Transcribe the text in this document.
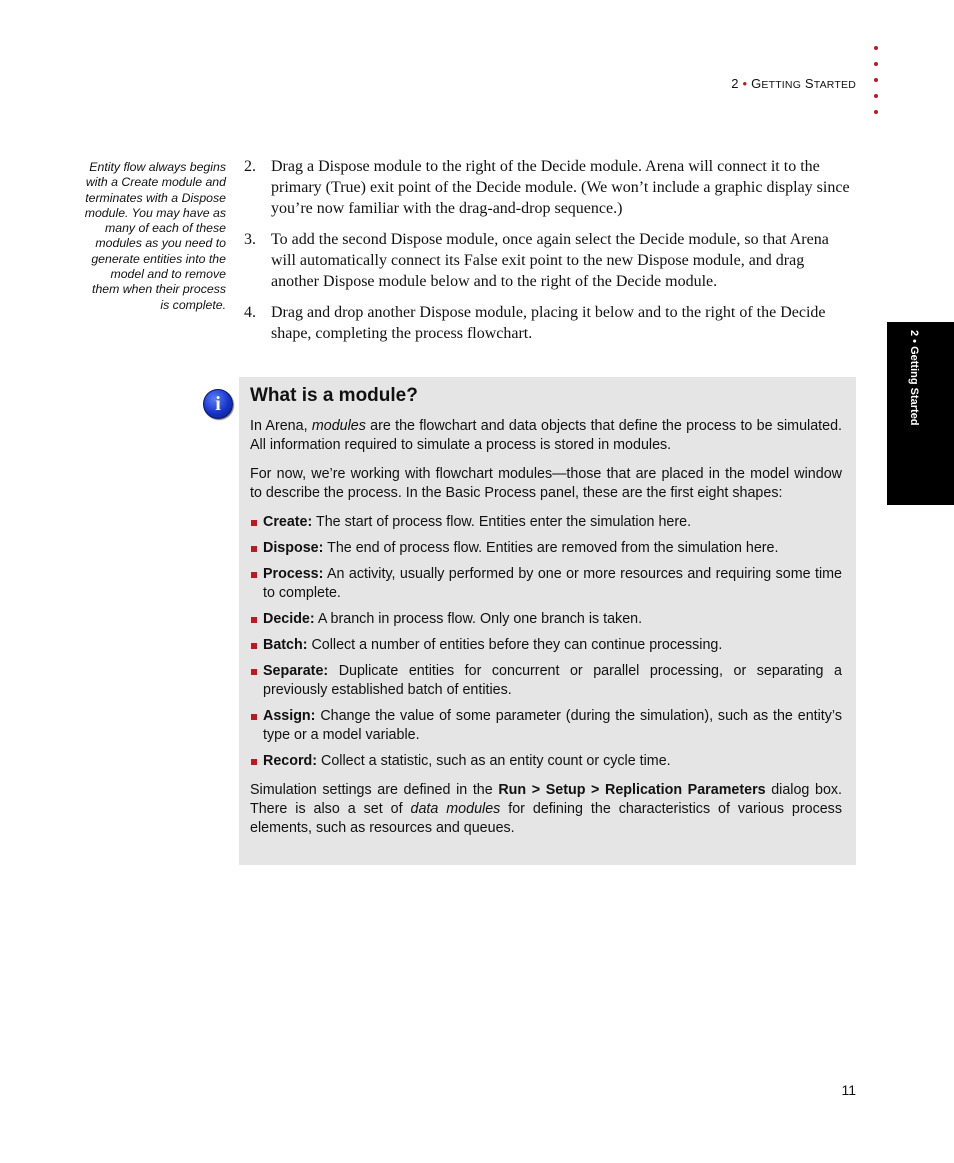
2 • GETTING STARTED
2 • Getting Started
Entity flow always begins with a Create module and terminates with a Dispose module. You may have as many of each of these modules as you need to generate entities into the model and to remove them when their process is complete.
2. Drag a Dispose module to the right of the Decide module. Arena will connect it to the primary (True) exit point of the Decide module. (We won’t include a graphic display since you’re now familiar with the drag-and-drop sequence.)
3. To add the second Dispose module, once again select the Decide module, so that Arena will automatically connect its False exit point to the new Dispose module, and drag another Dispose module below and to the right of the Decide module.
4. Drag and drop another Dispose module, placing it below and to the right of the Decide shape, completing the process flowchart.
i	What is a module?

In Arena, modules are the flowchart and data objects that define the process to be simulated. All information required to simulate a process is stored in modules.

For now, we’re working with flowchart modules—those that are placed in the model window to describe the process. In the Basic Process panel, these are the first eight shapes:

Create: The start of process flow. Entities enter the simulation here.
Dispose: The end of process flow. Entities are removed from the simulation here.
Process: An activity, usually performed by one or more resources and requiring some time to complete.
Decide: A branch in process flow. Only one branch is taken.
Batch: Collect a number of entities before they can continue processing.
Separate: Duplicate entities for concurrent or parallel processing, or separating a previously established batch of entities.
Assign: Change the value of some parameter (during the simulation), such as the entity’s type or a model variable.
Record: Collect a statistic, such as an entity count or cycle time.

Simulation settings are defined in the Run > Setup > Replication Parameters dialog box. There is also a set of data modules for defining the characteristics of various process elements, such as resources and queues.

11
